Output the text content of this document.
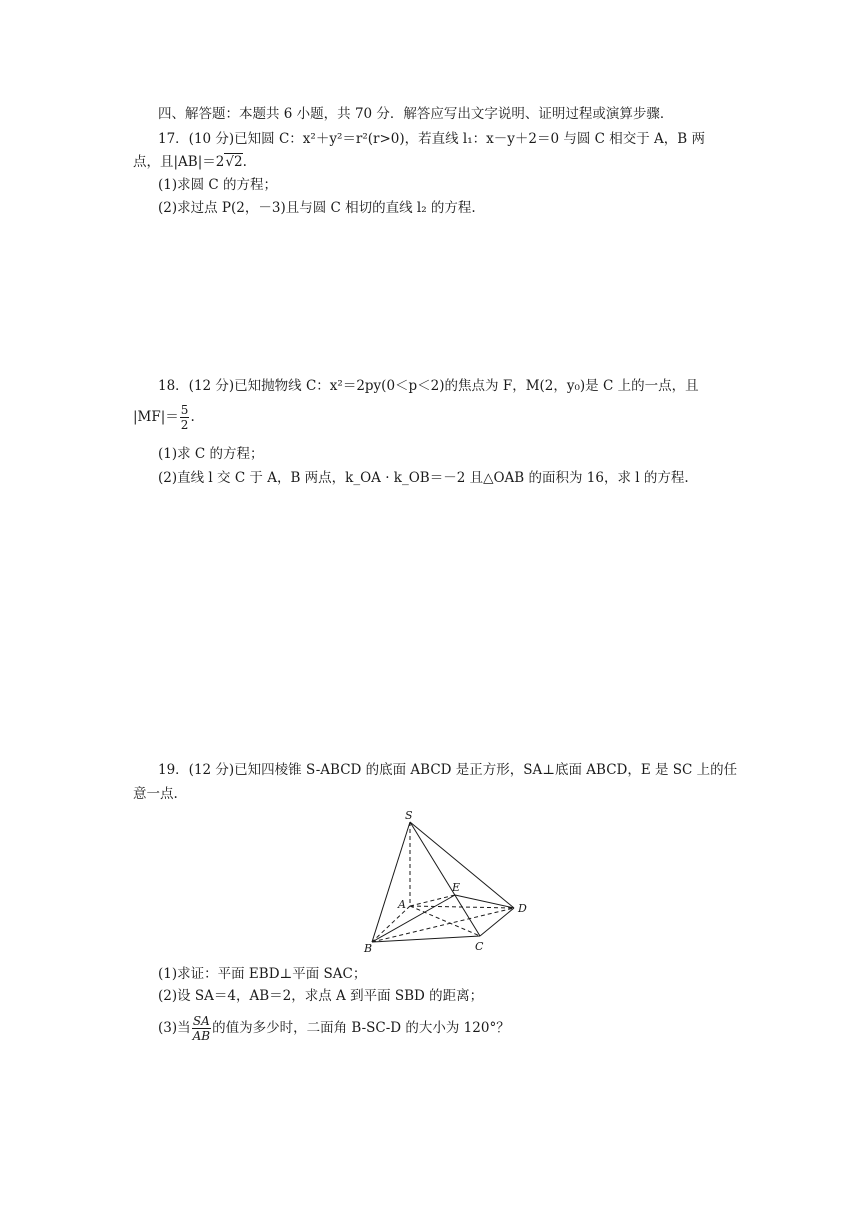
四、解答题：本题共 6 小题，共 70 分．解答应写出文字说明、证明过程或演算步骤．
17．(10 分)已知圆 C：x²＋y²＝r²(r>0)，若直线 l₁：x－y＋2＝0 与圆 C 相交于 A，B 两
点，且|AB|＝2√2.
(1)求圆 C 的方程；
(2)求过点 P(2，－3)且与圆 C 相切的直线 l₂ 的方程.
18．(12 分)已知抛物线 C：x²＝2py(0＜p＜2)的焦点为 F，M(2，y₀)是 C 上的一点，且
$|MF|= \frac{5}{2}$ .
(1)求 C 的方程；
(2)直线 l 交 C 于 A，B 两点，k_OA · k_OB＝－2 且△OAB 的面积为 16，求 l 的方程.
19．(12 分)已知四棱锥 S-ABCD 的底面 ABCD 是正方形，SA⊥底面 ABCD，E 是 SC 上的任
意一点.
S
A
B	C
D
E
(1)求证：平面 EBD⊥平面 SAC；
(2)设 SA＝4，AB＝2，求点 A 到平面 SBD 的距离；
(3)当 $\frac{SA}{AB}$ 的值为多少时，二面角 B-SC-D 的大小为 120°？
